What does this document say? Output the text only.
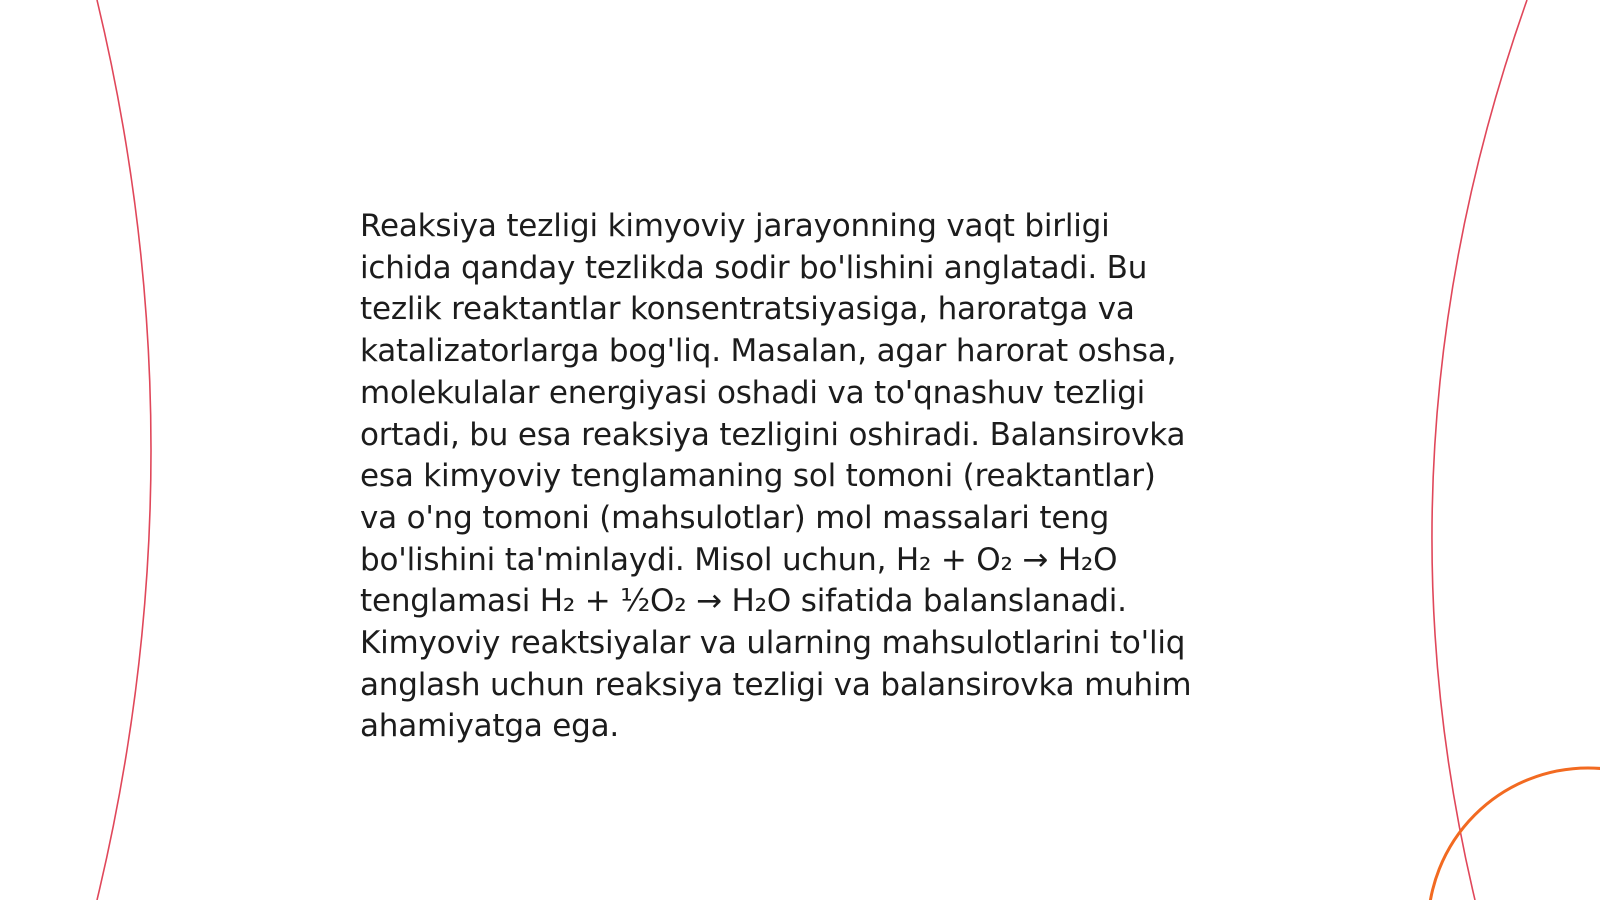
Reaksiya tezligi kimyoviy jarayonning vaqt birligi
ichida qanday tezlikda sodir bo'lishini anglatadi. Bu
tezlik reaktantlar konsentratsiyasiga, haroratga va
katalizatorlarga bog'liq. Masalan, agar harorat oshsa,
molekulalar energiyasi oshadi va to'qnashuv tezligi
ortadi, bu esa reaksiya tezligini oshiradi. Balansirovka
esa kimyoviy tenglamaning sol tomoni (reaktantlar)
va o'ng tomoni (mahsulotlar) mol massalari teng
bo'lishini ta'minlaydi. Misol uchun, H₂ + O₂ → H₂O
tenglamasi H₂ + ½O₂ → H₂O sifatida balanslanadi.
Kimyoviy reaktsiyalar va ularning mahsulotlarini to'liq
anglash uchun reaksiya tezligi va balansirovka muhim
ahamiyatga ega.
